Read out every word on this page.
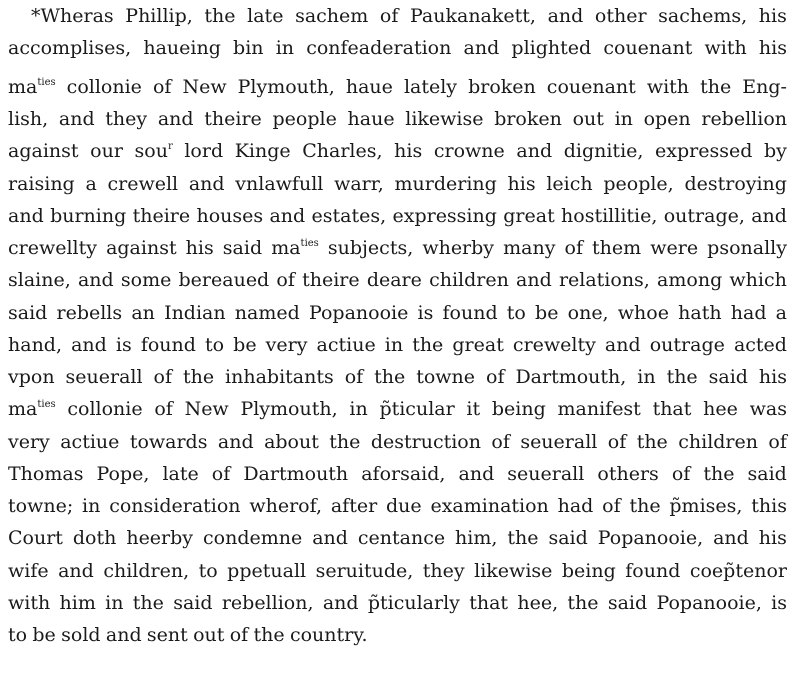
*Wheras Phillip, the late sachem of Paukanakett, and other sachems, his
accomplises, haueing bin in confeaderation and plighted couenant with his
$ma^{ties}$ collonie of New Plymouth, haue lately broken couenant with the Eng-
lish, and they and theire people haue likewise broken out in open rebellion
against our sou$^r$ lord Kinge Charles, his crowne and dignitie, expressed by
raising a crewell and vnlawfull warr, murdering his leich people, destroying
and burning theire houses and estates, expressing great hostillitie, outrage, and
crewellty against his said $ma^{ties}$ subjects, wherby many of them were psonally
slaine, and some bereaued of theire deare children and relations, among which
said rebells an Indian named Popanooie is found to be one, whoe hath had a
hand, and is found to be very actiue in the great crewelty and outrage acted
vpon seuerall of the inhabitants of the towne of Dartmouth, in the said his
$ma^{ties}$ collonie of New Plymouth, in p̃ticular it being manifest that hee was
very actiue towards and about the destruction of seuerall of the children of
Thomas Pope, late of Dartmouth aforsaid, and seuerall others of the said
towne; in consideration wherof, after due examination had of the p̃mises, this
Court doth heerby condemne and centance him, the said Popanooie, and his
wife and children, to ppetuall seruitude, they likewise being found coep̃tenor
with him in the said rebellion, and p̃ticularly that hee, the said Popanooie, is
to be sold and sent out of the country.
